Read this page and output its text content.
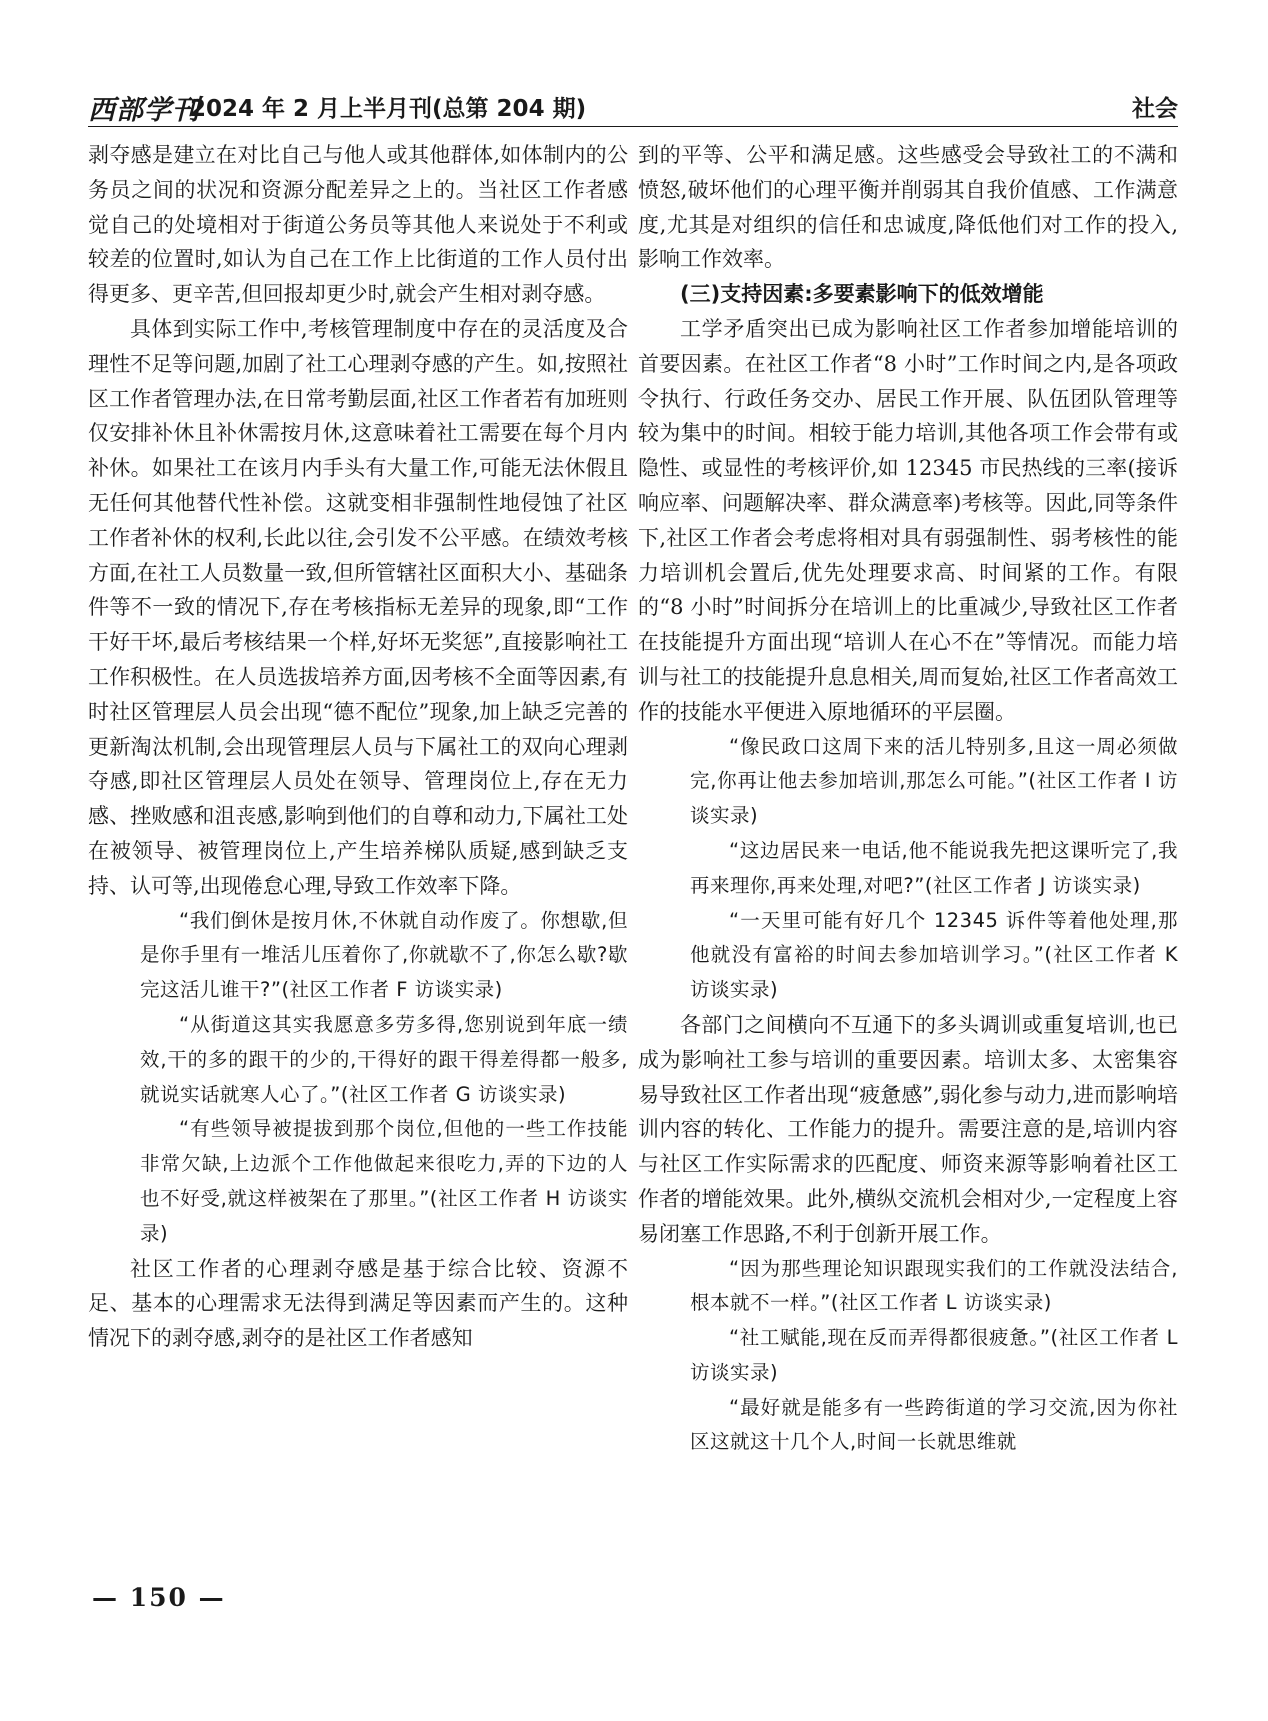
西部学刊
2024 年 2 月上半月刊(总第 204 期)	社会

剥夺感是建立在对比自己与他人或其他群体,如体制内的公务员之间的状况和资源分配差异之上的。当社区工作者感觉自己的处境相对于街道公务员等其他人来说处于不利或较差的位置时,如认为自己在工作上比街道的工作人员付出得更多、更辛苦,但回报却更少时,就会产生相对剥夺感。

具体到实际工作中,考核管理制度中存在的灵活度及合理性不足等问题,加剧了社工心理剥夺感的产生。如,按照社区工作者管理办法,在日常考勤层面,社区工作者若有加班则仅安排补休且补休需按月休,这意味着社工需要在每个月内补休。如果社工在该月内手头有大量工作,可能无法休假且无任何其他替代性补偿。这就变相非强制性地侵蚀了社区工作者补休的权利,长此以往,会引发不公平感。在绩效考核方面,在社工人员数量一致,但所管辖社区面积大小、基础条件等不一致的情况下,存在考核指标无差异的现象,即“工作干好干坏,最后考核结果一个样,好坏无奖惩”,直接影响社工工作积极性。在人员选拔培养方面,因考核不全面等因素,有时社区管理层人员会出现“德不配位”现象,加上缺乏完善的更新淘汰机制,会出现管理层人员与下属社工的双向心理剥夺感,即社区管理层人员处在领导、管理岗位上,存在无力感、挫败感和沮丧感,影响到他们的自尊和动力,下属社工处在被领导、被管理岗位上,产生培养梯队质疑,感到缺乏支持、认可等,出现倦怠心理,导致工作效率下降。

“我们倒休是按月休,不休就自动作废了。你想歇,但是你手里有一堆活儿压着你了,你就歇不了,你怎么歇?歇完这活儿谁干?”(社区工作者 F 访谈实录)

“从街道这其实我愿意多劳多得,您别说到年底一绩效,干的多的跟干的少的,干得好的跟干得差得都一般多,就说实话就寒人心了。”(社区工作者 G 访谈实录)

“有些领导被提拔到那个岗位,但他的一些工作技能非常欠缺,上边派个工作他做起来很吃力,弄的下边的人也不好受,就这样被架在了那里。”(社区工作者 H 访谈实录)

社区工作者的心理剥夺感是基于综合比较、资源不足、基本的心理需求无法得到满足等因素而产生的。这种情况下的剥夺感,剥夺的是社区工作者感知

到的平等、公平和满足感。这些感受会导致社工的不满和愤怒,破坏他们的心理平衡并削弱其自我价值感、工作满意度,尤其是对组织的信任和忠诚度,降低他们对工作的投入,影响工作效率。

(三)支持因素:多要素影响下的低效增能

工学矛盾突出已成为影响社区工作者参加增能培训的首要因素。在社区工作者“8 小时”工作时间之内,是各项政令执行、行政任务交办、居民工作开展、队伍团队管理等较为集中的时间。相较于能力培训,其他各项工作会带有或隐性、或显性的考核评价,如 12345 市民热线的三率(接诉响应率、问题解决率、群众满意率)考核等。因此,同等条件下,社区工作者会考虑将相对具有弱强制性、弱考核性的能力培训机会置后,优先处理要求高、时间紧的工作。有限的“8 小时”时间拆分在培训上的比重减少,导致社区工作者在技能提升方面出现“培训人在心不在”等情况。而能力培训与社工的技能提升息息相关,周而复始,社区工作者高效工作的技能水平便进入原地循环的平层圈。

“像民政口这周下来的活儿特别多,且这一周必须做完,你再让他去参加培训,那怎么可能。”(社区工作者 I 访谈实录)

“这边居民来一电话,他不能说我先把这课听完了,我再来理你,再来处理,对吧?”(社区工作者 J 访谈实录)

“一天里可能有好几个 12345 诉件等着他处理,那他就没有富裕的时间去参加培训学习。”(社区工作者 K 访谈实录)

各部门之间横向不互通下的多头调训或重复培训,也已成为影响社工参与培训的重要因素。培训太多、太密集容易导致社区工作者出现“疲惫感”,弱化参与动力,进而影响培训内容的转化、工作能力的提升。需要注意的是,培训内容与社区工作实际需求的匹配度、师资来源等影响着社区工作者的增能效果。此外,横纵交流机会相对少,一定程度上容易闭塞工作思路,不利于创新开展工作。

“因为那些理论知识跟现实我们的工作就没法结合,根本就不一样。”(社区工作者 L 访谈实录)

“社工赋能,现在反而弄得都很疲惫。”(社区工作者 L 访谈实录)

“最好就是能多有一些跨街道的学习交流,因为你社区这就这十几个人,时间一长就思维就

— 150 —
